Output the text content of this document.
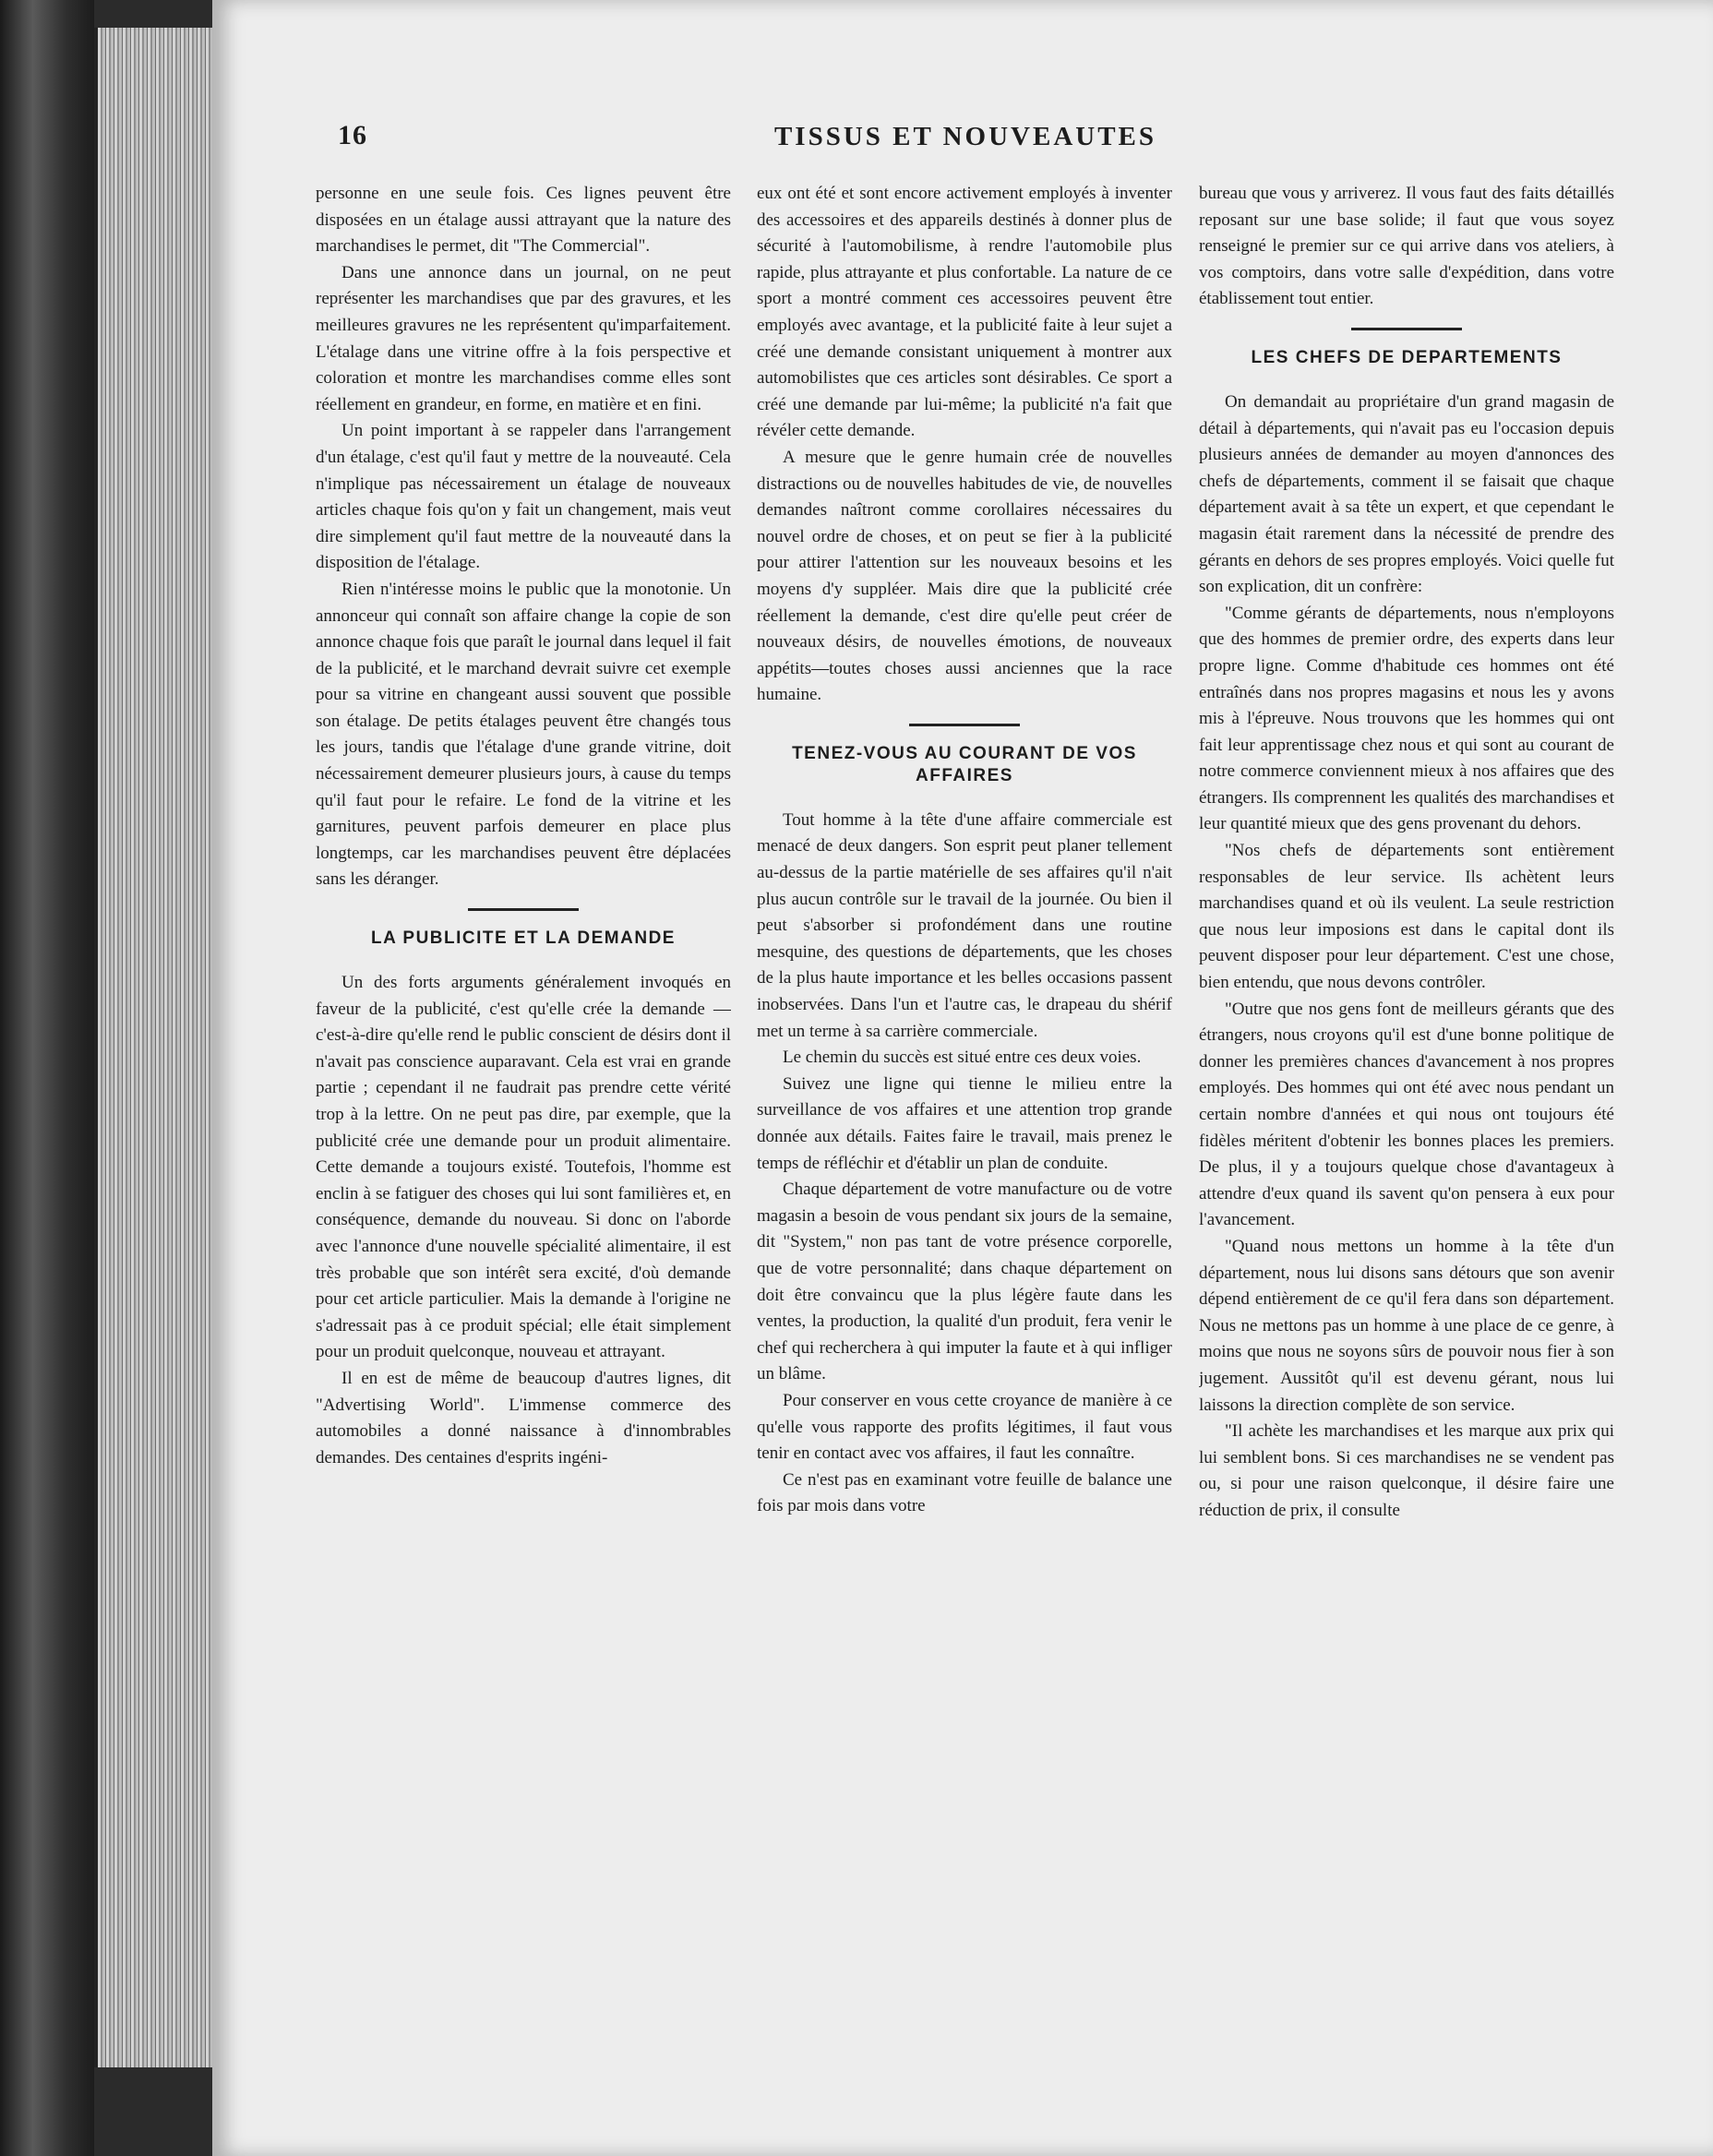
16	TISSUS ET NOUVEAUTES

personne en une seule fois. Ces lignes peuvent être disposées en un étalage aussi attrayant que la nature des marchandises le permet, dit "The Commercial".

Dans une annonce dans un journal, on ne peut représenter les marchandises que par des gravures, et les meilleures gravures ne les représentent qu'imparfaitement. L'étalage dans une vitrine offre à la fois perspective et coloration et montre les marchandises comme elles sont réellement en grandeur, en forme, en matière et en fini.

Un point important à se rappeler dans l'arrangement d'un étalage, c'est qu'il faut y mettre de la nouveauté. Cela n'implique pas nécessairement un étalage de nouveaux articles chaque fois qu'on y fait un changement, mais veut dire simplement qu'il faut mettre de la nouveauté dans la disposition de l'étalage.

Rien n'intéresse moins le public que la monotonie. Un annonceur qui connaît son affaire change la copie de son annonce chaque fois que paraît le journal dans lequel il fait de la publicité, et le marchand devrait suivre cet exemple pour sa vitrine en changeant aussi souvent que possible son étalage. De petits étalages peuvent être changés tous les jours, tandis que l'étalage d'une grande vitrine, doit nécessairement demeurer plusieurs jours, à cause du temps qu'il faut pour le refaire. Le fond de la vitrine et les garnitures, peuvent parfois demeurer en place plus longtemps, car les marchandises peuvent être déplacées sans les déranger.

LA PUBLICITE ET LA DEMANDE

Un des forts arguments généralement invoqués en faveur de la publicité, c'est qu'elle crée la demande — c'est-à-dire qu'elle rend le public conscient de désirs dont il n'avait pas conscience auparavant. Cela est vrai en grande partie ; cependant il ne faudrait pas prendre cette vérité trop à la lettre. On ne peut pas dire, par exemple, que la publicité crée une demande pour un produit alimentaire. Cette demande a toujours existé. Toutefois, l'homme est enclin à se fatiguer des choses qui lui sont familières et, en conséquence, demande du nouveau. Si donc on l'aborde avec l'annonce d'une nouvelle spécialité alimentaire, il est très probable que son intérêt sera excité, d'où demande pour cet article particulier. Mais la demande à l'origine ne s'adressait pas à ce produit spécial; elle était simplement pour un produit quelconque, nouveau et attrayant.

Il en est de même de beaucoup d'autres lignes, dit "Advertising World". L'immense commerce des automobiles a donné naissance à d'innombrables demandes. Des centaines d'esprits ingéni-

eux ont été et sont encore activement employés à inventer des accessoires et des appareils destinés à donner plus de sécurité à l'automobilisme, à rendre l'automobile plus rapide, plus attrayante et plus confortable. La nature de ce sport a montré comment ces accessoires peuvent être employés avec avantage, et la publicité faite à leur sujet a créé une demande consistant uniquement à montrer aux automobilistes que ces articles sont désirables. Ce sport a créé une demande par lui-même; la publicité n'a fait que révéler cette demande.

A mesure que le genre humain crée de nouvelles distractions ou de nouvelles habitudes de vie, de nouvelles demandes naîtront comme corollaires nécessaires du nouvel ordre de choses, et on peut se fier à la publicité pour attirer l'attention sur les nouveaux besoins et les moyens d'y suppléer. Mais dire que la publicité crée réellement la demande, c'est dire qu'elle peut créer de nouveaux désirs, de nouvelles émotions, de nouveaux appétits—toutes choses aussi anciennes que la race humaine.

TENEZ-VOUS AU COURANT DE VOS AFFAIRES

Tout homme à la tête d'une affaire commerciale est menacé de deux dangers. Son esprit peut planer tellement au-dessus de la partie matérielle de ses affaires qu'il n'ait plus aucun contrôle sur le travail de la journée. Ou bien il peut s'absorber si profondément dans une routine mesquine, des questions de départements, que les choses de la plus haute importance et les belles occasions passent inobservées. Dans l'un et l'autre cas, le drapeau du shérif met un terme à sa carrière commerciale.

Le chemin du succès est situé entre ces deux voies.

Suivez une ligne qui tienne le milieu entre la surveillance de vos affaires et une attention trop grande donnée aux détails. Faites faire le travail, mais prenez le temps de réfléchir et d'établir un plan de conduite.

Chaque département de votre manufacture ou de votre magasin a besoin de vous pendant six jours de la semaine, dit "System," non pas tant de votre présence corporelle, que de votre personnalité; dans chaque département on doit être convaincu que la plus légère faute dans les ventes, la production, la qualité d'un produit, fera venir le chef qui recherchera à qui imputer la faute et à qui infliger un blâme.

Pour conserver en vous cette croyance de manière à ce qu'elle vous rapporte des profits légitimes, il faut vous tenir en contact avec vos affaires, il faut les connaître.

Ce n'est pas en examinant votre feuille de balance une fois par mois dans votre

bureau que vous y arriverez. Il vous faut des faits détaillés reposant sur une base solide; il faut que vous soyez renseigné le premier sur ce qui arrive dans vos ateliers, à vos comptoirs, dans votre salle d'expédition, dans votre établissement tout entier.

LES CHEFS DE DEPARTEMENTS

On demandait au propriétaire d'un grand magasin de détail à départements, qui n'avait pas eu l'occasion depuis plusieurs années de demander au moyen d'annonces des chefs de départements, comment il se faisait que chaque département avait à sa tête un expert, et que cependant le magasin était rarement dans la nécessité de prendre des gérants en dehors de ses propres employés. Voici quelle fut son explication, dit un confrère:

"Comme gérants de départements, nous n'employons que des hommes de premier ordre, des experts dans leur propre ligne. Comme d'habitude ces hommes ont été entraînés dans nos propres magasins et nous les y avons mis à l'épreuve. Nous trouvons que les hommes qui ont fait leur apprentissage chez nous et qui sont au courant de notre commerce conviennent mieux à nos affaires que des étrangers. Ils comprennent les qualités des marchandises et leur quantité mieux que des gens provenant du dehors.

"Nos chefs de départements sont entièrement responsables de leur service. Ils achètent leurs marchandises quand et où ils veulent. La seule restriction que nous leur imposions est dans le capital dont ils peuvent disposer pour leur département. C'est une chose, bien entendu, que nous devons contrôler.

"Outre que nos gens font de meilleurs gérants que des étrangers, nous croyons qu'il est d'une bonne politique de donner les premières chances d'avancement à nos propres employés. Des hommes qui ont été avec nous pendant un certain nombre d'années et qui nous ont toujours été fidèles méritent d'obtenir les bonnes places les premiers. De plus, il y a toujours quelque chose d'avantageux à attendre d'eux quand ils savent qu'on pensera à eux pour l'avancement.

"Quand nous mettons un homme à la tête d'un département, nous lui disons sans détours que son avenir dépend entièrement de ce qu'il fera dans son département. Nous ne mettons pas un homme à une place de ce genre, à moins que nous ne soyons sûrs de pouvoir nous fier à son jugement. Aussitôt qu'il est devenu gérant, nous lui laissons la direction complète de son service.

"Il achète les marchandises et les marque aux prix qui lui semblent bons. Si ces marchandises ne se vendent pas ou, si pour une raison quelconque, il désire faire une réduction de prix, il consulte
